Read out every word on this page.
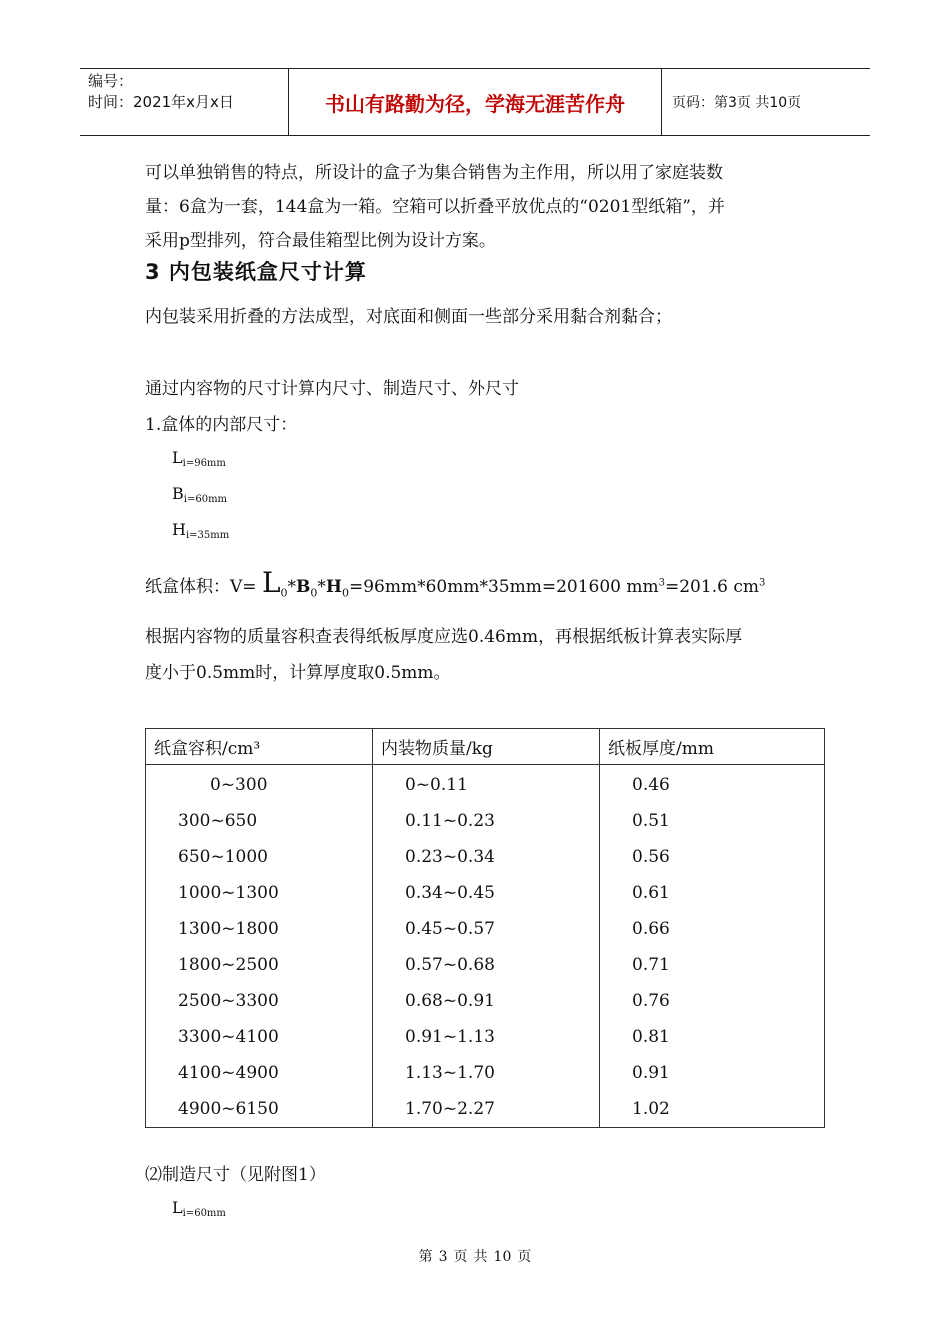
编号：
时间：2021年x月x日	书山有路勤为径，学海无涯苦作舟	页码：第3页 共10页
可以单独销售的特点，所设计的盒子为集合销售为主作用，所以用了家庭装数
量：6盒为一套，144盒为一箱。空箱可以折叠平放优点的“0201型纸箱”，并
采用p型排列，符合最佳箱型比例为设计方案。
3 内包装纸盒尺寸计算
内包装采用折叠的方法成型，对底面和侧面一些部分采用黏合剂黏合；
通过内容物的尺寸计算内尺寸、制造尺寸、外尺寸
1.盒体的内部尺寸：
$L_{i=96mm}$
$B_{i=60mm}$
$H_{i=35mm}$
纸盒体积：$V= L_0*B_0*H_0=96mm*60mm*35mm=201600$ $mm^3=201.6$ $cm^3$
根据内容物的质量容积查表得纸板厚度应选0.46mm，再根据纸板计算表实际厚
度小于0.5mm时，计算厚度取0.5mm。
纸盒容积/cm³	内装物质量/kg	纸板厚度/mm
0~300	0~0.11	0.46
300~650	0.11~0.23	0.51
650~1000	0.23~0.34	0.56
1000~1300	0.34~0.45	0.61
1300~1800	0.45~0.57	0.66
1800~2500	0.57~0.68	0.71
2500~3300	0.68~0.91	0.76
3300~4100	0.91~1.13	0.81
4100~4900	1.13~1.70	0.91
4900~6150	1.70~2.27	1.02
⑵制造尺寸（见附图1）
$L_{i=60mm}$
第 3 页 共 10 页
